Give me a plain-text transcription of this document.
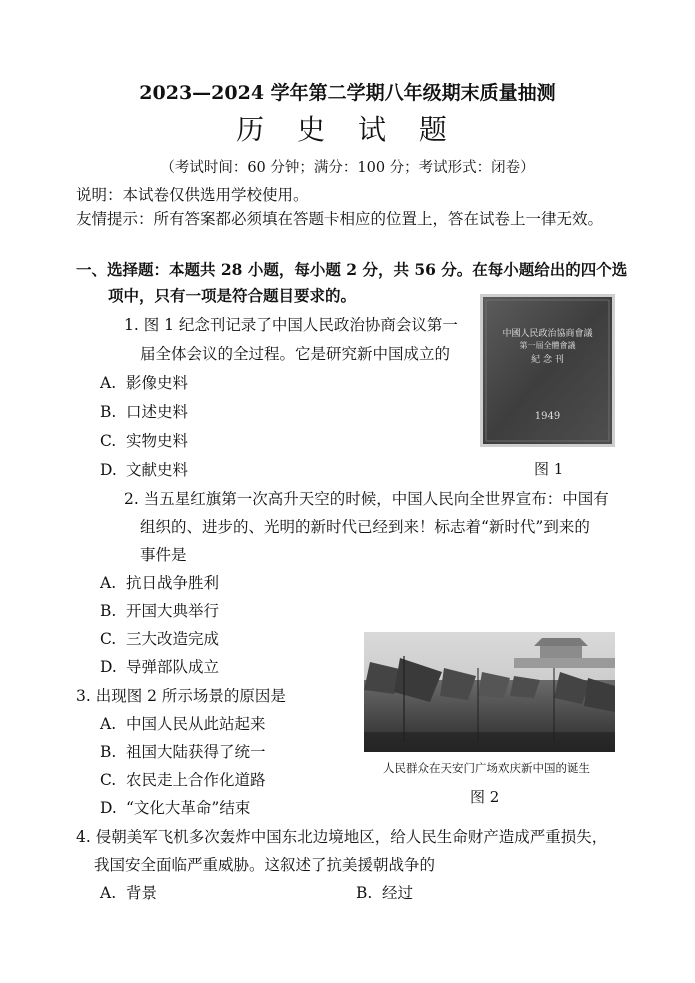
2023—2024 学年第二学期八年级期末质量抽测
历 史 试 题
（考试时间：60 分钟；满分：100 分；考试形式：闭卷）
说明：本试卷仅供选用学校使用。
友情提示：所有答案都必须填在答题卡相应的位置上，答在试卷上一律无效。
一、选择题：本题共 28 小题，每小题 2 分，共 56 分。在每小题给出的四个选
项中，只有一项是符合题目要求的。
1. 图 1 纪念刊记录了中国人民政治协商会议第一
届全体会议的全过程。它是研究新中国成立的
A. 影像史料
B. 口述史料
C. 实物史料
D. 文献史料
中國人民政治協商會議
第一屆全體會議
紀 念 刊
1949
图 1
2. 当五星红旗第一次高升天空的时候，中国人民向全世界宣布：中国有
组织的、进步的、光明的新时代已经到来！标志着“新时代”到来的
事件是
A. 抗日战争胜利
B. 开国大典举行
C. 三大改造完成
D. 导弹部队成立
3. 出现图 2 所示场景的原因是
A. 中国人民从此站起来
B. 祖国大陆获得了统一
C. 农民走上合作化道路
D. “文化大革命”结束
人民群众在天安门广场欢庆新中国的诞生
图 2
4. 侵朝美军飞机多次轰炸中国东北边境地区，给人民生命财产造成严重损失，
我国安全面临严重威胁。这叙述了抗美援朝战争的
A. 背景	B. 经过
